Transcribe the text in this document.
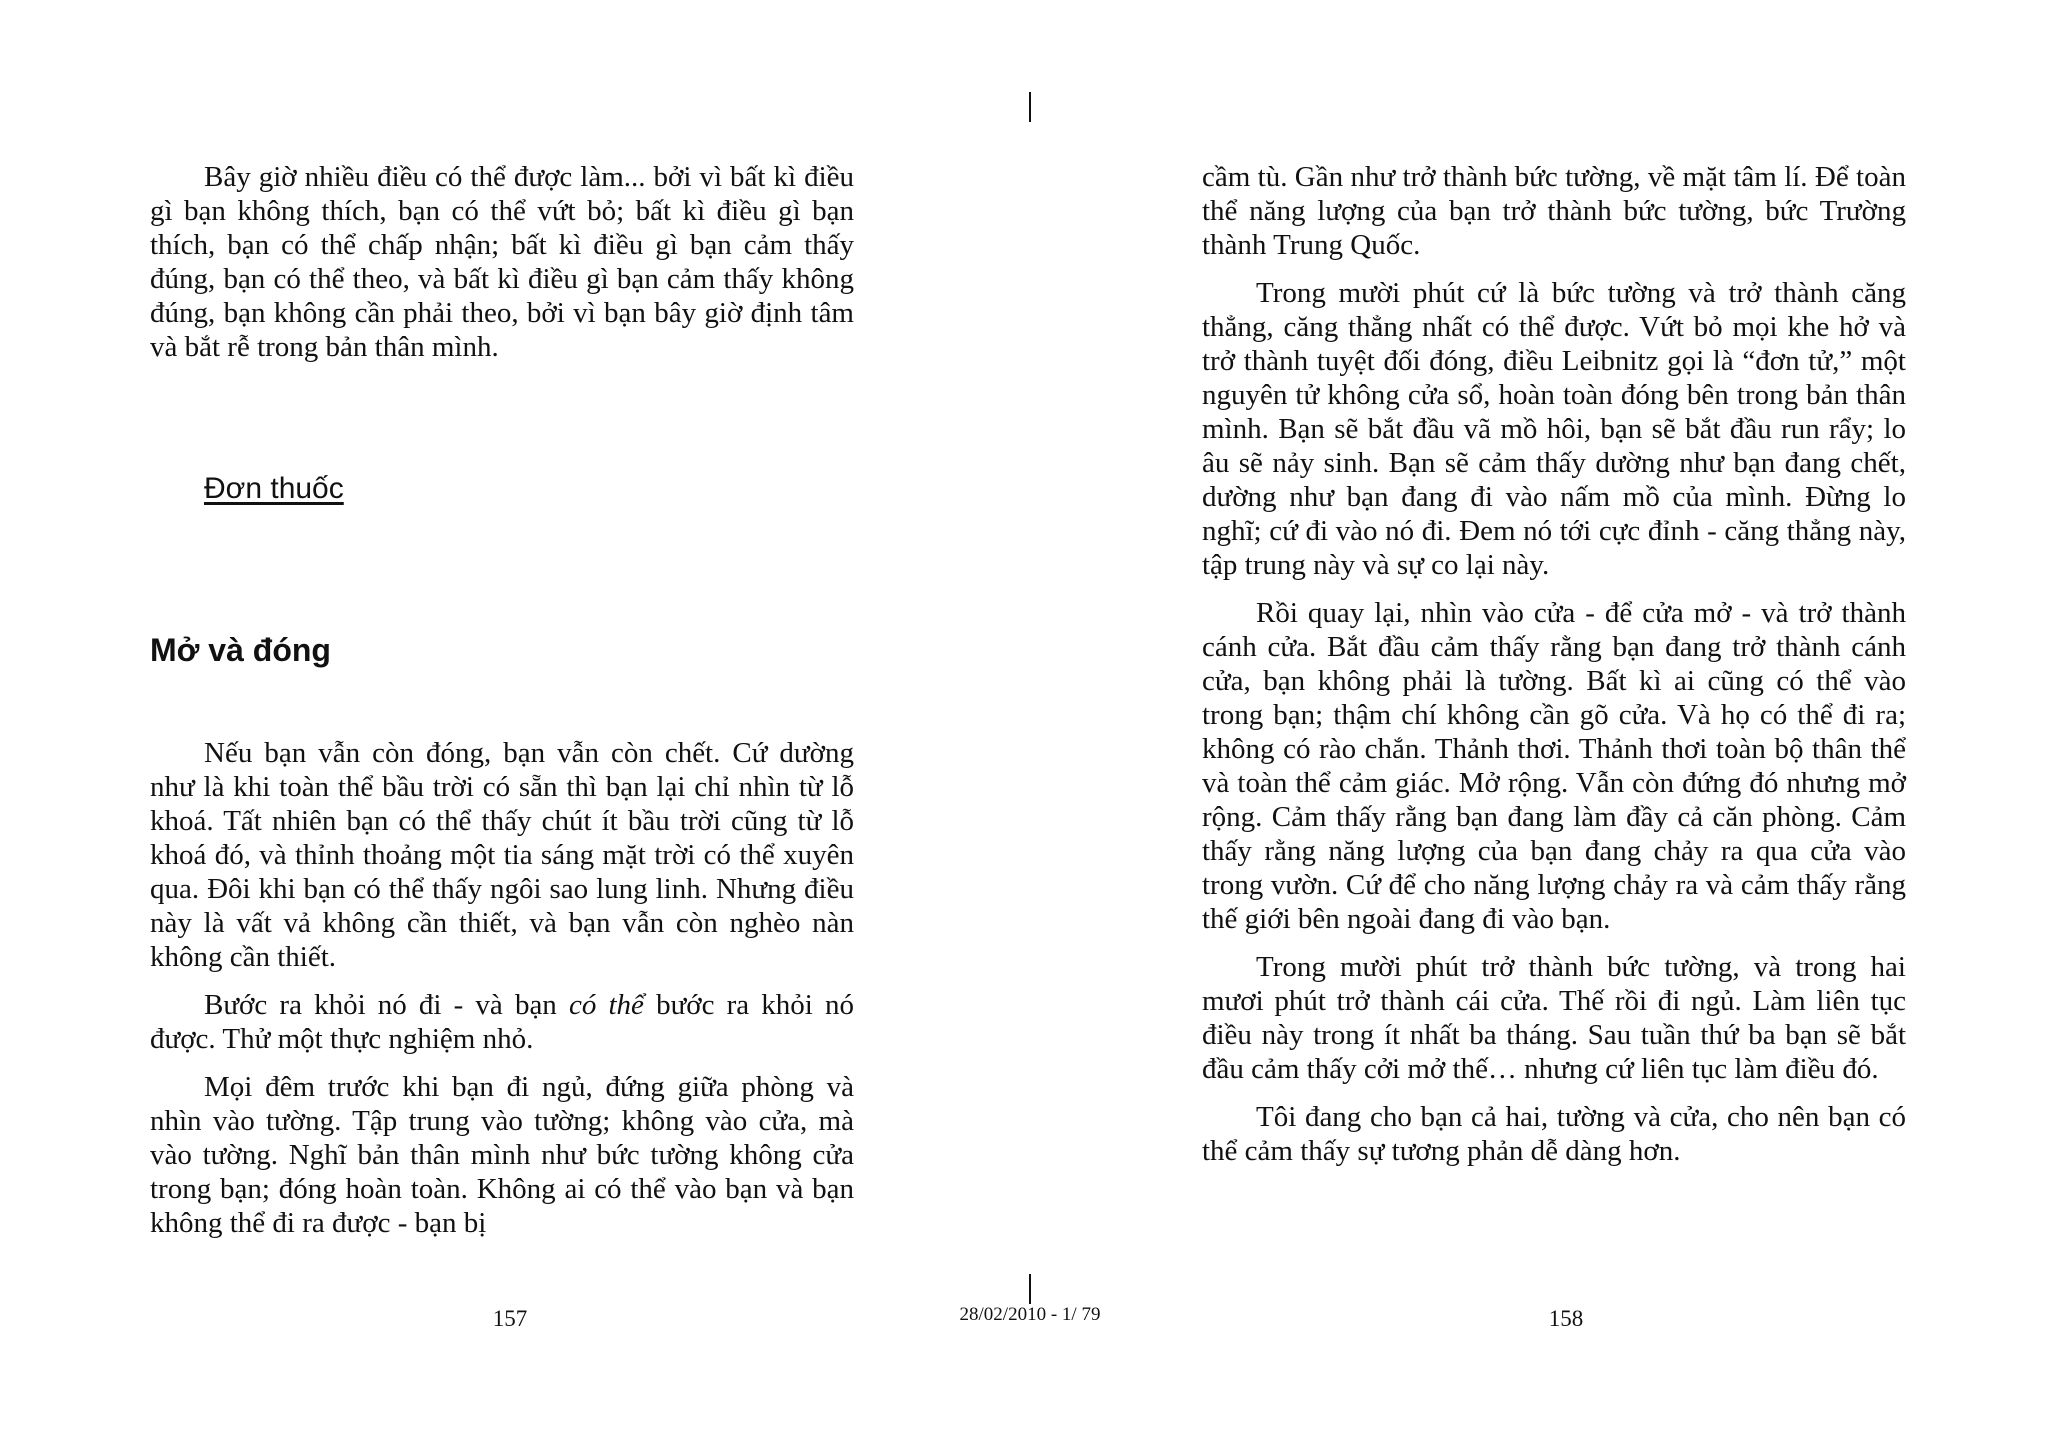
Bây giờ nhiều điều có thể được làm... bởi vì bất kì điều gì bạn không thích, bạn có thể vứt bỏ; bất kì điều gì bạn thích, bạn có thể chấp nhận; bất kì điều gì bạn cảm thấy đúng, bạn có thể theo, và bất kì điều gì bạn cảm thấy không đúng, bạn không cần phải theo, bởi vì bạn bây giờ định tâm và bắt rễ trong bản thân mình.

Đơn thuốc
Mở và đóng

Nếu bạn vẫn còn đóng, bạn vẫn còn chết. Cứ dường như là khi toàn thể bầu trời có sẵn thì bạn lại chỉ nhìn từ lỗ khoá. Tất nhiên bạn có thể thấy chút ít bầu trời cũng từ lỗ khoá đó, và thỉnh thoảng một tia sáng mặt trời có thể xuyên qua. Đôi khi bạn có thể thấy ngôi sao lung linh. Nhưng điều này là vất vả không cần thiết, và bạn vẫn còn nghèo nàn không cần thiết.

Bước ra khỏi nó đi - và bạn có thể bước ra khỏi nó được. Thử một thực nghiệm nhỏ.

Mọi đêm trước khi bạn đi ngủ, đứng giữa phòng và nhìn vào tường. Tập trung vào tường; không vào cửa, mà vào tường. Nghĩ bản thân mình như bức tường không cửa trong bạn; đóng hoàn toàn. Không ai có thể vào bạn và bạn không thể đi ra được - bạn bị

157	28/02/2010 - 1/ 79

cầm tù. Gần như trở thành bức tường, về mặt tâm lí. Để toàn thể năng lượng của bạn trở thành bức tường, bức Trường thành Trung Quốc.

Trong mười phút cứ là bức tường và trở thành căng thẳng, căng thẳng nhất có thể được. Vứt bỏ mọi khe hở và trở thành tuyệt đối đóng, điều Leibnitz gọi là “đơn tử,” một nguyên tử không cửa sổ, hoàn toàn đóng bên trong bản thân mình. Bạn sẽ bắt đầu vã mồ hôi, bạn sẽ bắt đầu run rẩy; lo âu sẽ nảy sinh. Bạn sẽ cảm thấy dường như bạn đang chết, dường như bạn đang đi vào nấm mồ của mình. Đừng lo nghĩ; cứ đi vào nó đi. Đem nó tới cực đỉnh - căng thẳng này, tập trung này và sự co lại này.

Rồi quay lại, nhìn vào cửa - để cửa mở - và trở thành cánh cửa. Bắt đầu cảm thấy rằng bạn đang trở thành cánh cửa, bạn không phải là tường. Bất kì ai cũng có thể vào trong bạn; thậm chí không cần gõ cửa. Và họ có thể đi ra; không có rào chắn. Thảnh thơi. Thảnh thơi toàn bộ thân thể và toàn thể cảm giác. Mở rộng. Vẫn còn đứng đó nhưng mở rộng. Cảm thấy rằng bạn đang làm đầy cả căn phòng. Cảm thấy rằng năng lượng của bạn đang chảy ra qua cửa vào trong vườn. Cứ để cho năng lượng chảy ra và cảm thấy rằng thế giới bên ngoài đang đi vào bạn.

Trong mười phút trở thành bức tường, và trong hai mươi phút trở thành cái cửa. Thế rồi đi ngủ. Làm liên tục điều này trong ít nhất ba tháng. Sau tuần thứ ba bạn sẽ bắt đầu cảm thấy cởi mở thế… nhưng cứ liên tục làm điều đó.

Tôi đang cho bạn cả hai, tường và cửa, cho nên bạn có thể cảm thấy sự tương phản dễ dàng hơn.

158
